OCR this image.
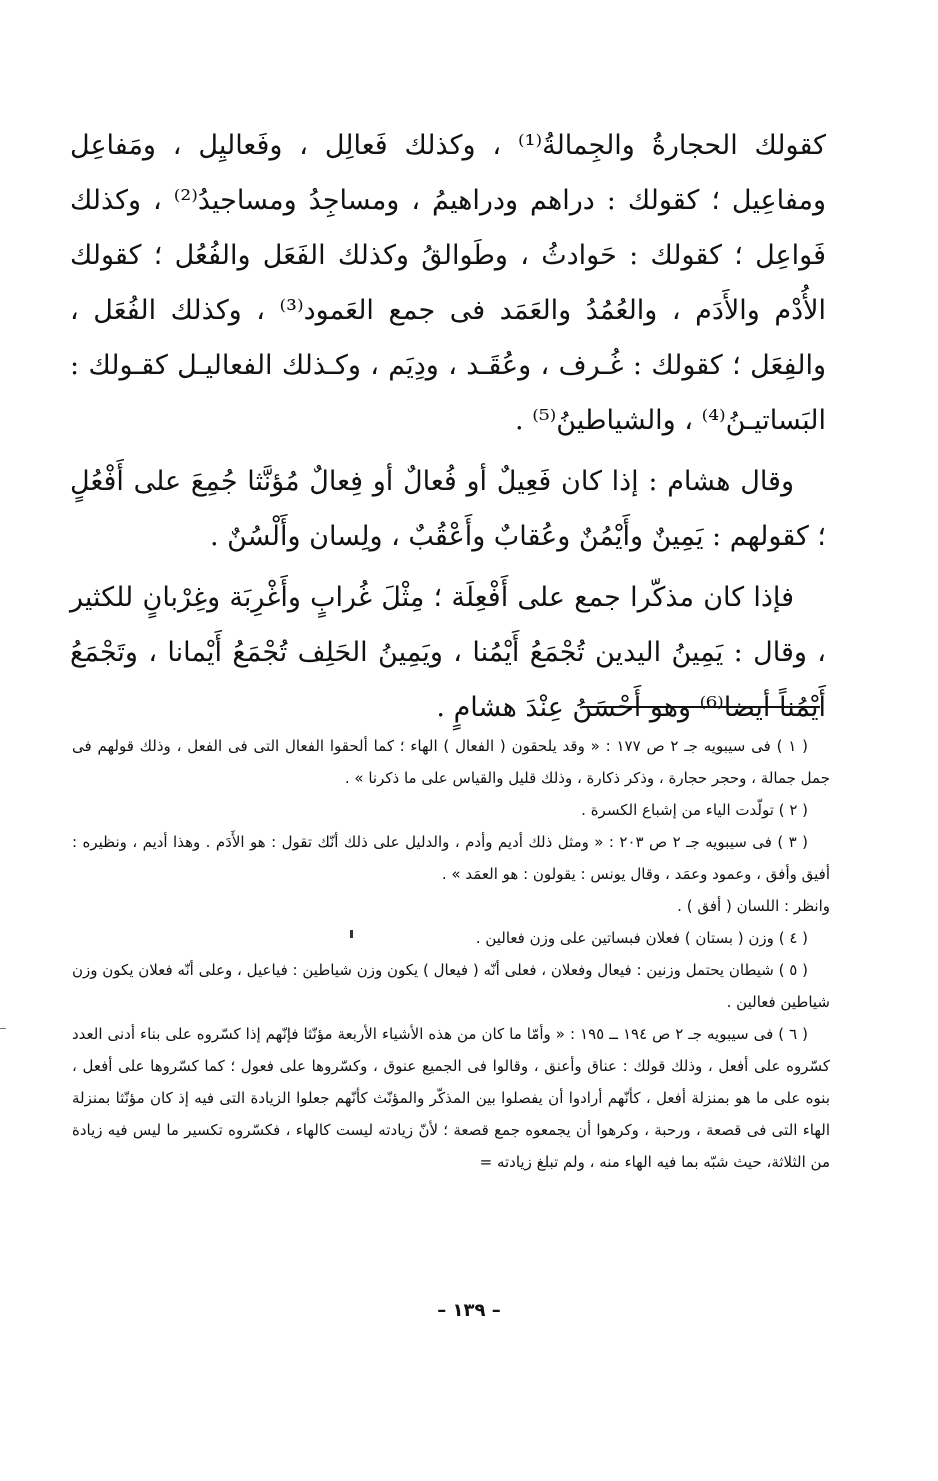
كقولك الحجارةُ والجِمالةُ⁽¹⁾ ، وكذلك فَعالِل ، وفَعاليِل ، ومَفاعِل ومفاعِيل ؛ كقولك : دراهم ودراهيمُ ، ومساجِدُ ومساجيدُ⁽²⁾ ، وكذلك فَواعِل ؛ كقولك : حَوادثُ ، وطَوالقُ وكذلك الفَعَل والفُعُل ؛ كقولك الأُدْم والأَدَم ، والعُمُدُ والعَمَد فى جمع العَمود⁽³⁾ ، وكذلك الفُعَل ، والفِعَل ؛ كقولك : غُـرف ، وعُقَـد ، ودِيَم ، وكـذلك الفعاليـل كقـولك : البَساتيـنُ⁽⁴⁾ ، والشياطينُ⁽⁵⁾ .

وقال هشام : إذا كان فَعِيلٌ أو فُعالٌ أو فِعالٌ مُؤنَّثا جُمِعَ على أَفْعُلٍ ؛ كقولهم : يَمِينٌ وأَيْمُنٌ وعُقابٌ وأَعْقُبٌ ، ولِسان وأَلْسُنٌ .

فإذا كان مذكّرا جمع على أَفْعِلَة ؛ مِثْلَ غُرابٍ وأَغْرِبَة وغِرْبانٍ للكثير ، وقال : يَمِينُ اليدين تُجْمَعُ أَيْمُنا ، ويَمِينُ الحَلِف تُجْمَعُ أَيْمانا ، وتَجْمَعُ أَيْمُناً أيضا⁽⁶⁾ وهو أَحْسَنُ عِنْدَ هشامٍ .

( ١ ) فى سيبويه جـ ٢ ص ١٧٧ : « وقد يلحقون ( الفعال ) الهاء ؛ كما ألحقوا الفعال التى فى الفعل ، وذلك قولهم فى جمل جمالة ، وحجر حجارة ، وذكر ذكارة ، وذلك قليل والقياس على ما ذكرنا » .

( ٢ ) تولّدت الياء من إشباع الكسرة .

( ٣ ) فى سيبويه جـ ٢ ص ٢٠٣ : « ومثل ذلك أديم وأدم ، والدليل على ذلك أنّك تقول : هو الأَدَم . وهذا أديم ، ونظيره : أفيق وأفق ، وعمود وعمَد ، وقال يونس : يقولون : هو العمَد » .

وانظر : اللسان ( أفق ) .

( ٤ ) وزن ( بستان ) فعلان فبساتين على وزن فعالين .

( ٥ ) شيطان يحتمل وزنين : فيعال وفعلان ، فعلى أنّه ( فيعال ) يكون وزن شياطين : فياعيل ، وعلى أنّه فعلان يكون وزن شياطين فعالين .

( ٦ ) فى سيبويه جـ ٢ ص ١٩٤ ــ ١٩٥ : « وأمّا ما كان من هذه الأشياء الأربعة مؤنّثا فإنّهم إذا كسّروه على بناء أدنى العدد كسّروه على أفعل ، وذلك قولك : عناق وأعنق ، وقالوا فى الجميع عنوق ، وكسّروها على فعول ؛ كما كسّروها على أفعل ، بنوه على ما هو بمنزلة أفعل ، كأنّهم أرادوا أن يفصلوا بين المذكّر والمؤنّث كأنّهم جعلوا الزيادة التى فيه إذ كان مؤنّثا بمنزلة الهاء التى فى قصعة ، ورحبة ، وكرهوا أن يجمعوه جمع قصعة ؛ لأنّ زيادته ليست كالهاء ، فكسّروه تكسير ما ليس فيه زيادة من الثلاثة، حيث شبّه بما فيه الهاء منه ، ولم تبلغ زيادته =

– ١٣٩ –
